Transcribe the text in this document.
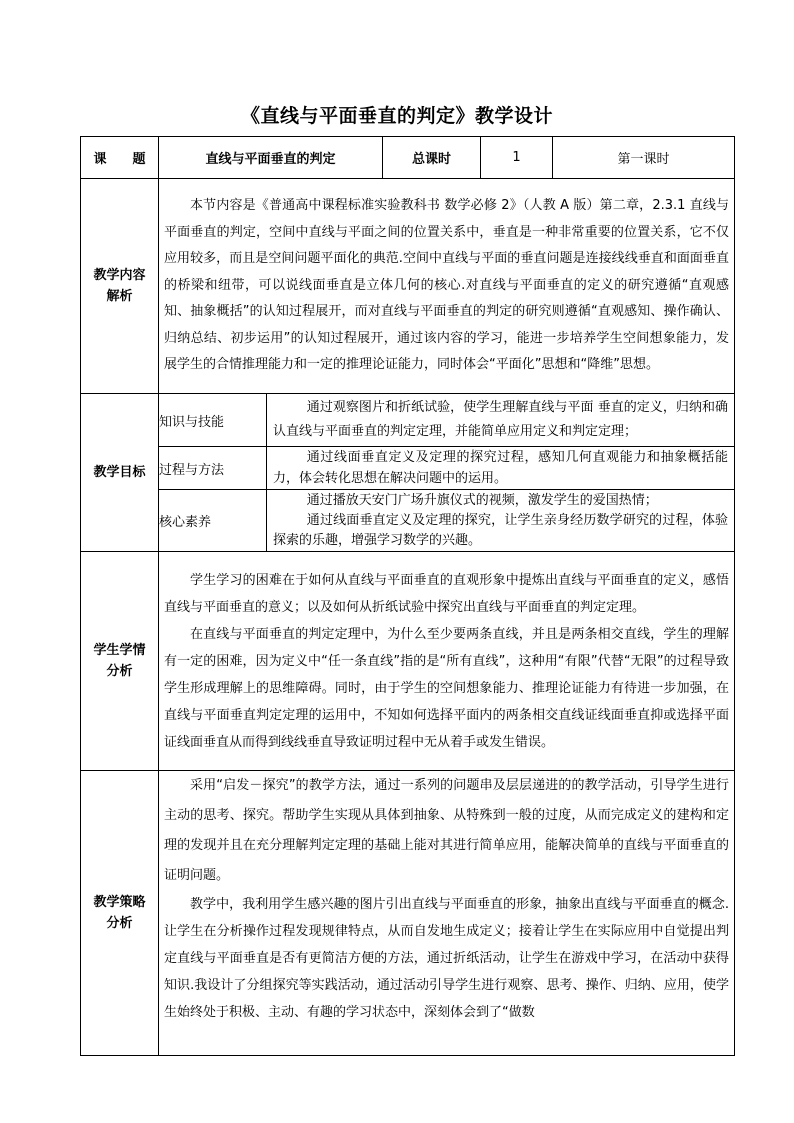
《直线与平面垂直的判定》教学设计
课　　题	直线与平面垂直的判定		总课时	1	第一课时
教学内容解析	本节内容是《普通高中课程标准实验教科书 数学必修 2》（人教 A 版）第二章，2.3.1 直线与平面垂直的判定，空间中直线与平面之间的位置关系中，垂直是一种非常重要的位置关系，它不仅应用较多，而且是空间问题平面化的典范.空间中直线与平面的垂直问题是连接线线垂直和面面垂直的桥梁和纽带，可以说线面垂直是立体几何的核心.对直线与平面垂直的定义的研究遵循“直观感知、抽象概括”的认知过程展开，而对直线与平面垂直的判定的研究则遵循“直观感知、操作确认、归纳总结、初步运用”的认知过程展开，通过该内容的学习，能进一步培养学生空间想象能力，发展学生的合情推理能力和一定的推理论证能力，同时体会“平面化”思想和“降维”思想。				

教学目标	知识与技能	通过观察图片和折纸试验，使学生理解直线与平面 垂直的定义，归纳和确认直线与平面垂直的判定定理，并能简单应用定义和判定定理；			

	过程与方法	通过线面垂直定义及定理的探究过程，感知几何直观能力和抽象概括能力，体会转化思想在解决问题中的运用。			

	核心素养	通过播放天安门广场升旗仪式的视频，激发学生的爱国热情；

通过线面垂直定义及定理的探究，让学生亲身经历数学研究的过程，体验探索的乐趣，增强学习数学的兴趣。			

学生学情分析	学生学习的困难在于如何从直线与平面垂直的直观形象中提炼出直线与平面垂直的定义，感悟直线与平面垂直的意义；以及如何从折纸试验中探究出直线与平面垂直的判定定理。
在直线与平面垂直的判定定理中，为什么至少要两条直线，并且是两条相交直线，学生的理解有一定的困难，因为定义中“任一条直线”指的是“所有直线”，这种用“有限”代替“无限”的过程导致学生形成理解上的思维障碍。同时，由于学生的空间想象能力、推理论证能力有待进一步加强，在直线与平面垂直判定定理的运用中，不知如何选择平面内的两条相交直线证线面垂直抑或选择平面证线面垂直从而得到线线垂直导致证明过程中无从着手或发生错误。				

教学策略分析	采用“启发－探究”的教学方法，通过一系列的问题串及层层递进的的教学活动，引导学生进行主动的思考、探究。帮助学生实现从具体到抽象、从特殊到一般的过度，从而完成定义的建构和定理的发现并且在充分理解判定定理的基础上能对其进行简单应用，能解决简单的直线与平面垂直的证明问题。
教学中，我利用学生感兴趣的图片引出直线与平面垂直的形象，抽象出直线与平面垂直的概念.让学生在分析操作过程发现规律特点，从而自发地生成定义；接着让学生在实际应用中自觉提出判定直线与平面垂直是否有更简洁方便的方法，通过折纸活动，让学生在游戏中学习，在活动中获得知识.我设计了分组探究等实践活动，通过活动引导学生进行观察、思考、操作、归纳、应用，使学生始终处于积极、主动、有趣的学习状态中，深刻体会到了“做数				
